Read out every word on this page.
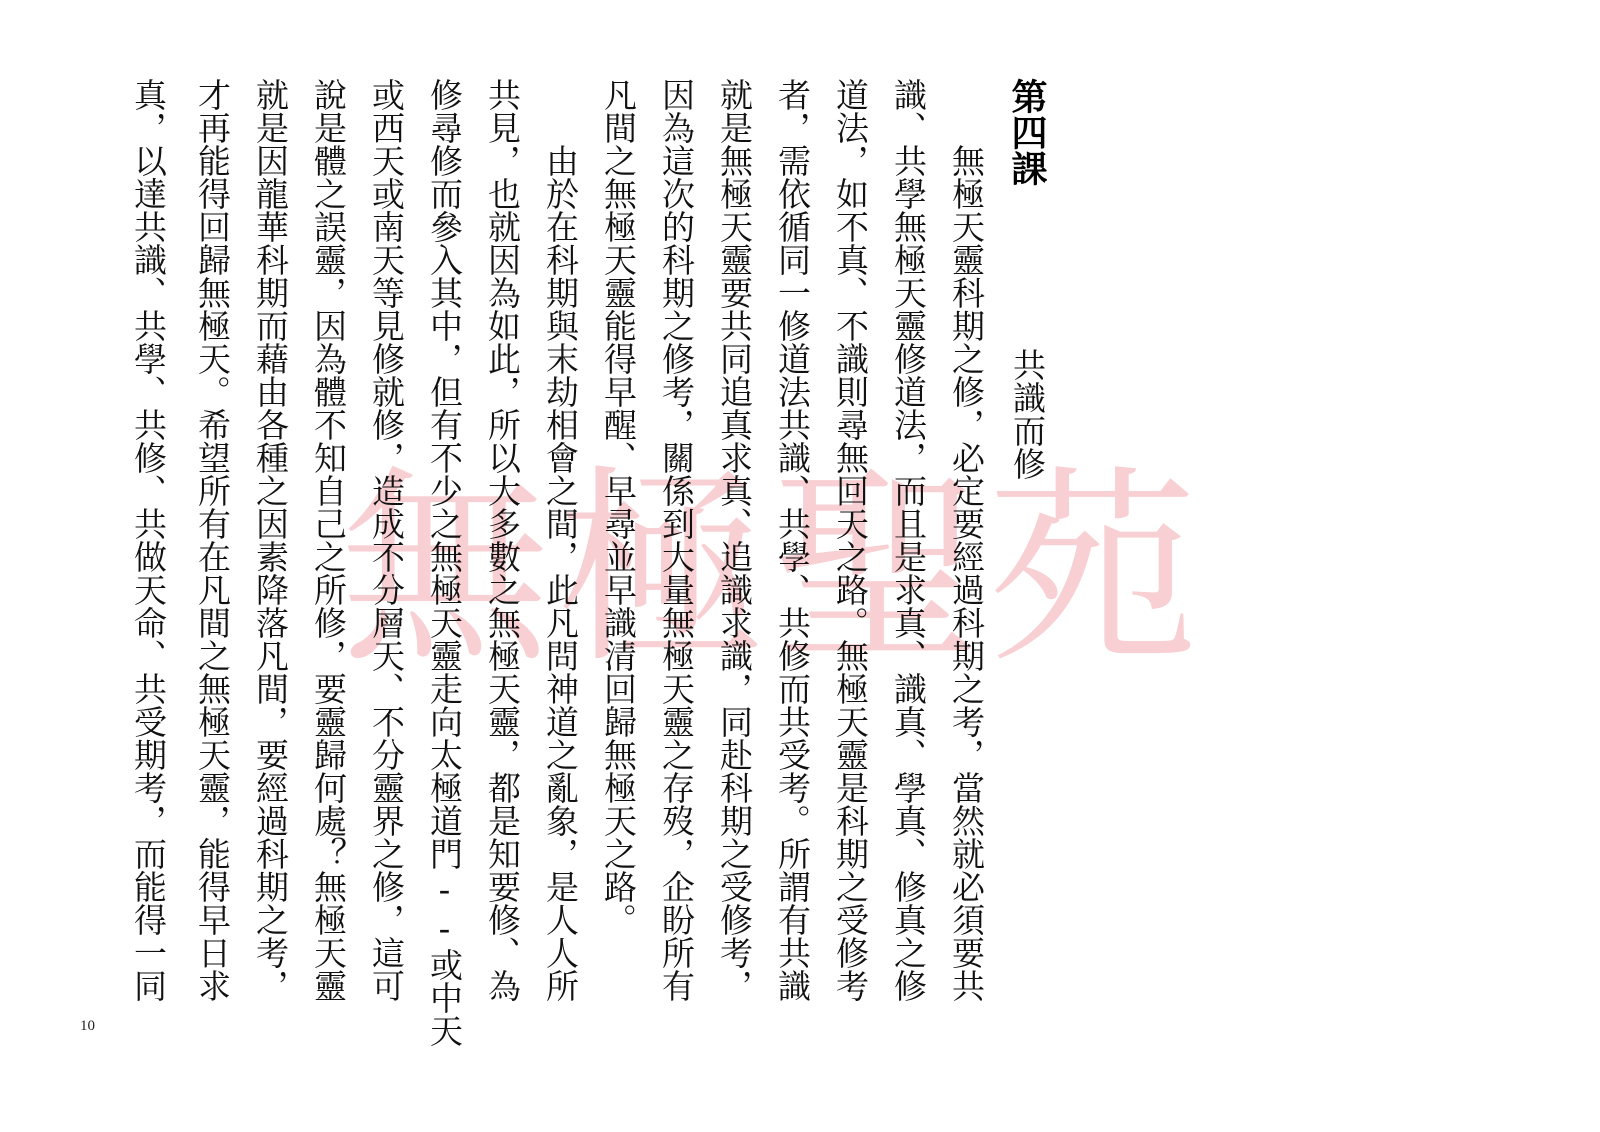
無極聖苑
第四課
共識而修
無極天靈科期之修，必定要經過科期之考，當然就必須要共
識、共學無極天靈修道法，而且是求真、識真、學真、修真之修
道法，如不真、不識則尋無回天之路。無極天靈是科期之受修考
者，需依循同一修道法共識、共學、共修而共受考。所謂有共識
就是無極天靈要共同追真求真、追識求識，同赴科期之受修考，
因為這次的科期之修考，關係到大量無極天靈之存歿，企盼所有
凡間之無極天靈能得早醒、早尋並早識清回歸無極天之路。
由於在科期與末劫相會之間，此凡問神道之亂象，是人人所
共見，也就因為如此，所以大多數之無極天靈，都是知要修、為
修尋修而參入其中，但有不少之無極天靈走向太極道門--或中天
或西天或南天等見修就修，造成不分層天、不分靈界之修，這可
說是體之誤靈，因為體不知自己之所修，要靈歸何處？無極天靈
就是因龍華科期而藉由各種之因素降落凡間，要經過科期之考，
才再能得回歸無極天。希望所有在凡間之無極天靈，能得早日求
真，以達共識、共學、共修、共做天命、共受期考，而能得一同
10
